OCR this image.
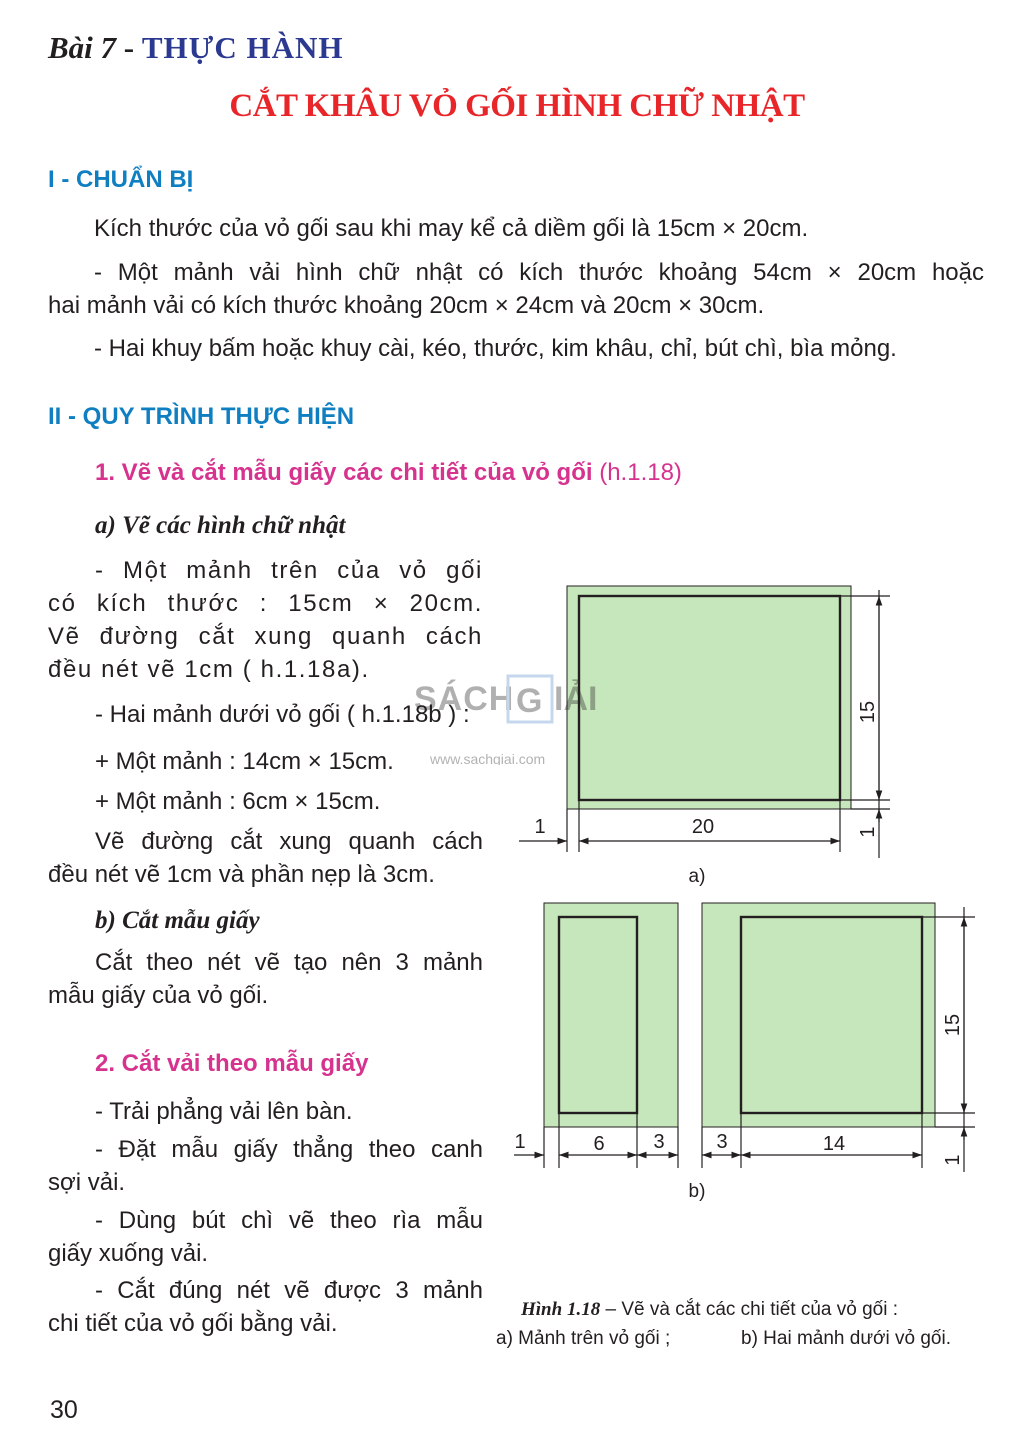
Bài 7 - THỰC HÀNH
CẮT KHÂU VỎ GỐI HÌNH CHỮ NHẬT
I - CHUẨN BỊ
Kích thước của vỏ gối sau khi may kể cả diềm gối là 15cm × 20cm.
- Một mảnh vải hình chữ nhật có kích thước khoảng 54cm × 20cm hoặc
hai mảnh vải có kích thước khoảng 20cm × 24cm và 20cm × 30cm.
- Hai khuy bấm hoặc khuy cài, kéo, thước, kim khâu, chỉ, bút chì, bìa mỏng.
II - QUY TRÌNH THỰC HIỆN
1. Vẽ và cắt mẫu giấy các chi tiết của vỏ gối (h.1.18)
a) Vẽ các hình chữ nhật
- Một mảnh trên của vỏ gối
có kích thước : 15cm × 20cm.
Vẽ đường cắt xung quanh cách
đều nét vẽ 1cm ( h.1.18a).
- Hai mảnh dưới vỏ gối ( h.1.18b ) :
+ Một mảnh : 14cm × 15cm.
+ Một mảnh : 6cm × 15cm.
Vẽ đường cắt xung quanh cách
đều nét vẽ 1cm và phần nẹp là 3cm.
b) Cắt mẫu giấy
Cắt theo nét vẽ tạo nên 3 mảnh
mẫu giấy của vỏ gối.
2. Cắt vải theo mẫu giấy
- Trải phẳng vải lên bàn.
- Đặt mẫu giấy thẳng theo canh
sợi vải.
- Dùng bút chì vẽ theo rìa mẫu
giấy xuống vải.
- Cắt đúng nét vẽ được 3 mảnh
chi tiết của vỏ gối bằng vải.
20
1
15
1
a)
1	6 3	3	14
15
1
b)
SÁCH G IẢI
www.sachgiai.com
Hình 1.18 – Vẽ và cắt các chi tiết của vỏ gối :
a) Mảnh trên vỏ gối ;	b) Hai mảnh dưới vỏ gối.
30
